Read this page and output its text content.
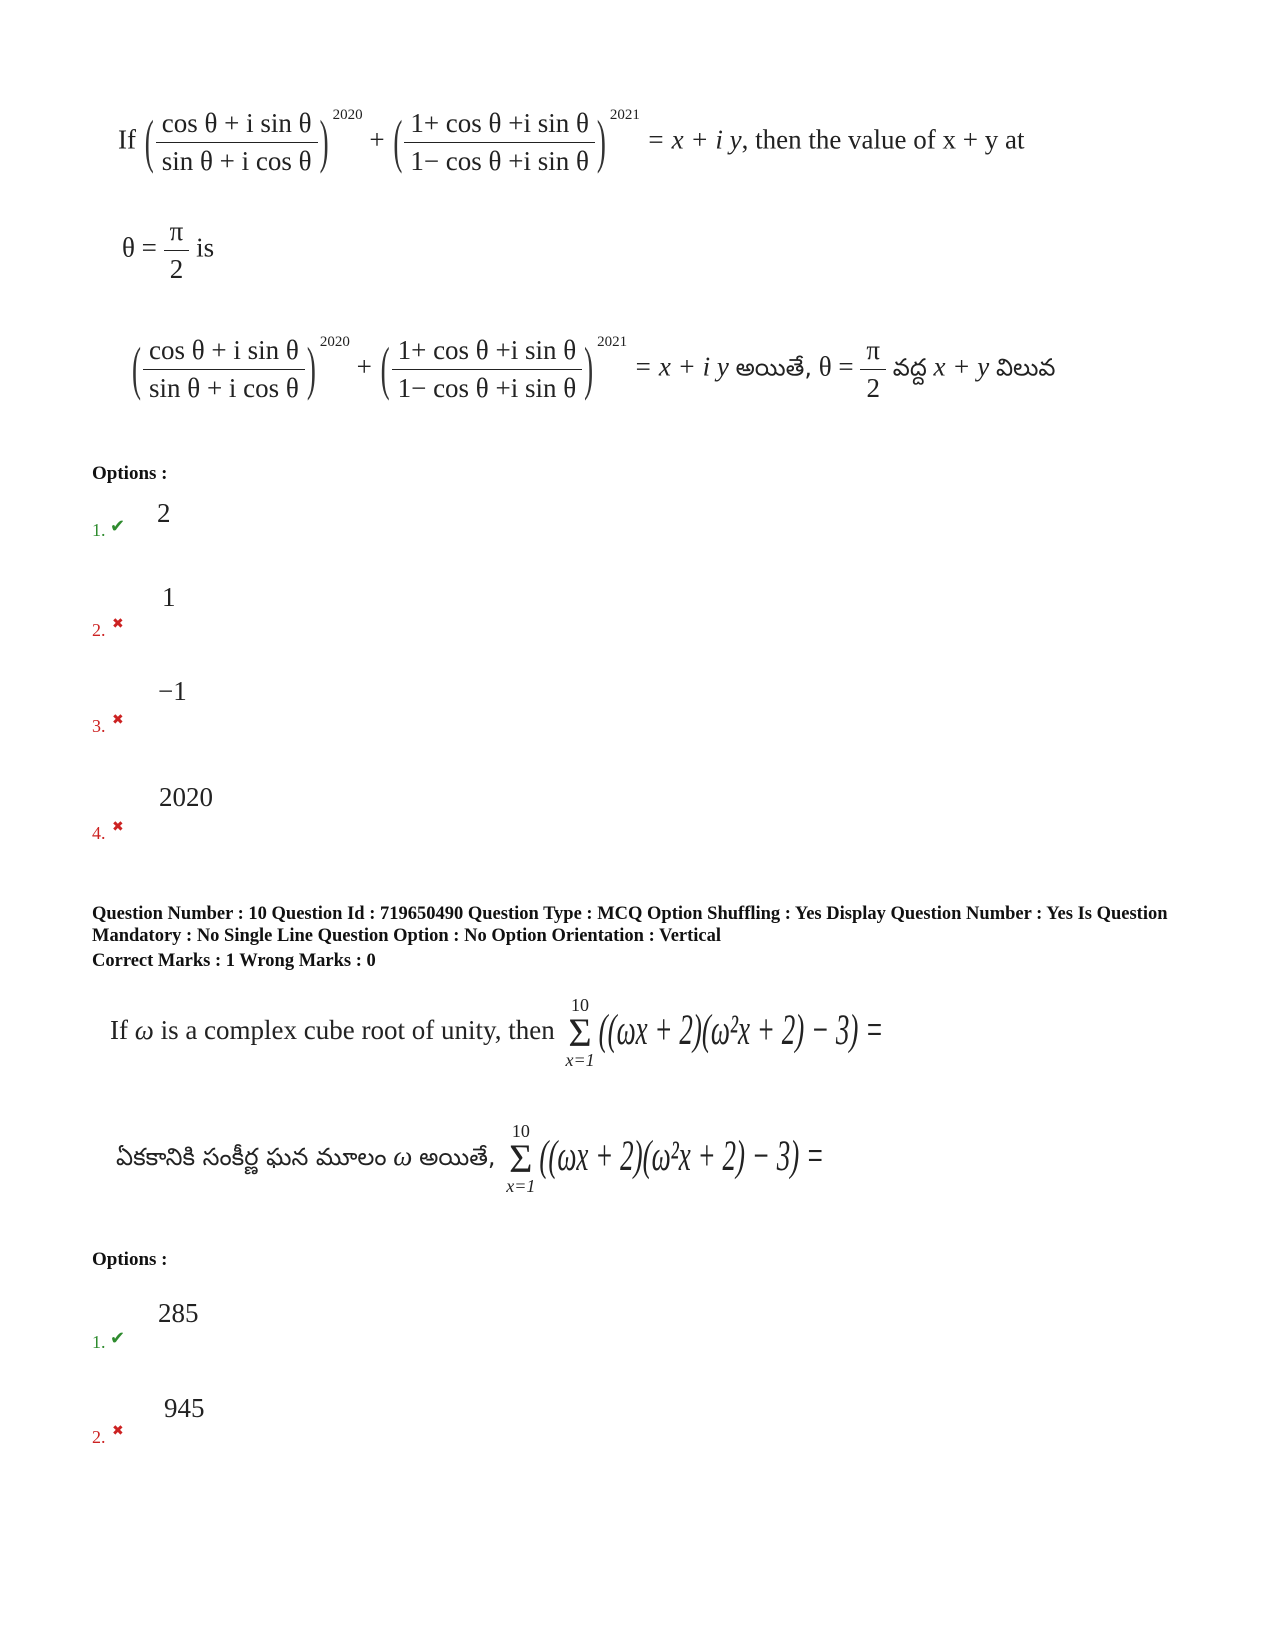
If ( $\frac{\text{cos θ + i sin θ}}{\text{sin θ + i cos θ}}$ ) $^{2020}$ + ( $\frac{\text{1+ cos θ +i sin θ}}{\text{1− cos θ +i sin θ}}$ ) $^{2021}$ = x + i y, then the value of x + y at
$\theta = \frac{\pi}{2}$ is
( $\frac{\text{cos θ + i sin θ}}{\text{sin θ + i cos θ}}$ ) $^{2020}$ + ( $\frac{\text{1+ cos θ +i sin θ}}{\text{1− cos θ +i sin θ}}$ ) $^{2021}$ = x + i y అయితే, $\theta = \frac{\pi}{2}$ వద్ద x + y విలువ
Options :
2
1. ✔
1
2. ✖
−1
3. ✖
2020
4. ✖
Question Number : 10 Question Id : 719650490 Question Type : MCQ Option Shuffling : Yes Display Question Number : Yes Is Question Mandatory : No Single Line Question Option : No Option Orientation : Vertical
Correct Marks : 1 Wrong Marks : 0
If ω is a complex cube root of unity, then
10
Σ
x=1
((ωx + 2)(ω²x + 2) − 3) =
ఏకకానికి సంకీర్ణ ఘన మూలం ω అయితే,
10
Σ
x=1
((ωx + 2)(ω²x + 2) − 3) =
Options :
285
1. ✔
945
2. ✖
